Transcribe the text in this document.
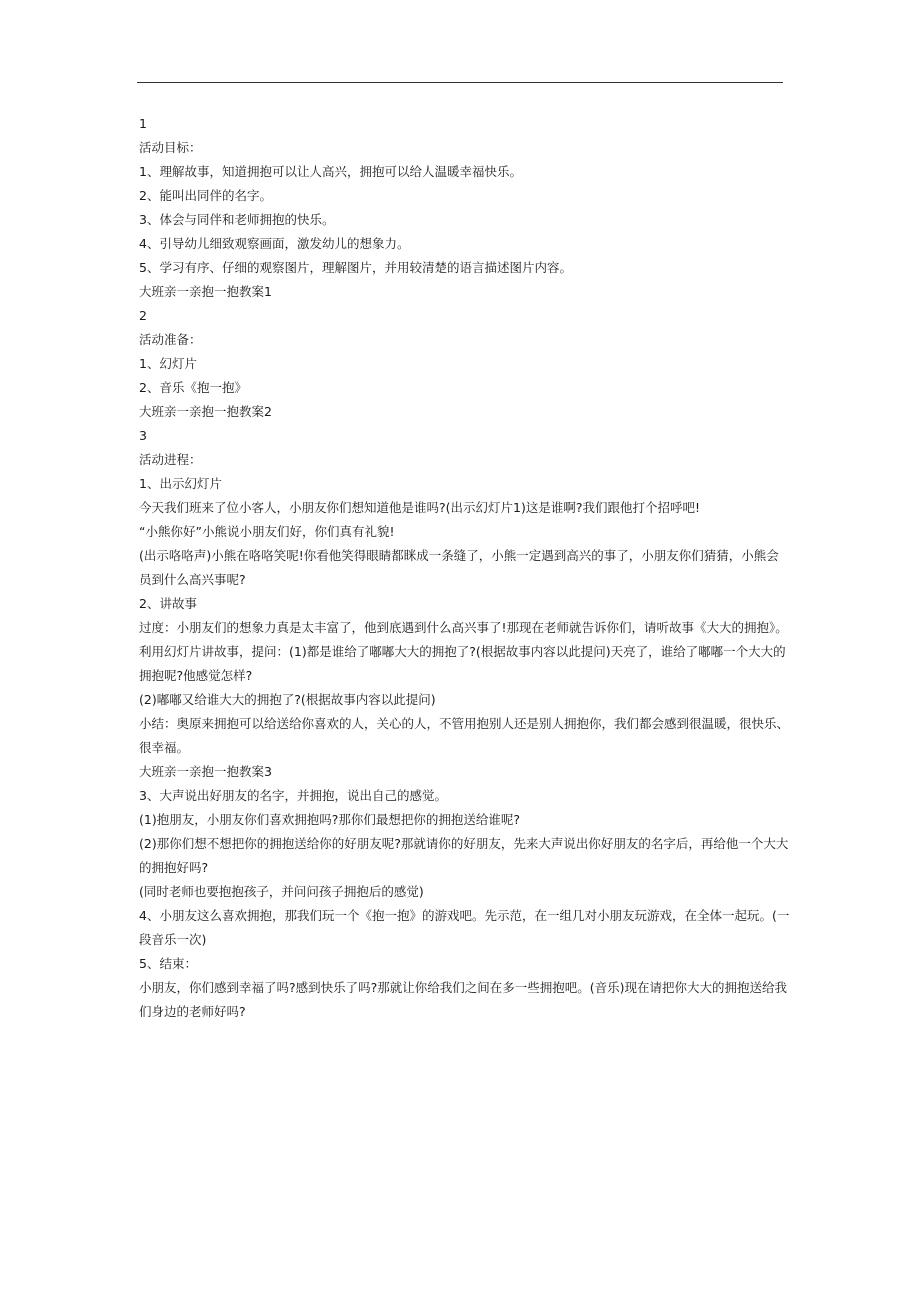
1

活动目标：

1、理解故事，知道拥抱可以让人高兴，拥抱可以给人温暖幸福快乐。

2、能叫出同伴的名字。

3、体会与同伴和老师拥抱的快乐。

4、引导幼儿细致观察画面，激发幼儿的想象力。

5、学习有序、仔细的观察图片，理解图片，并用较清楚的语言描述图片内容。

大班亲一亲抱一抱教案1

2

活动准备：

1、幻灯片

2、音乐《抱一抱》

大班亲一亲抱一抱教案2

3

活动进程：

1、出示幻灯片

今天我们班来了位小客人，小朋友你们想知道他是谁吗?(出示幻灯片1)这是谁啊?我们跟他打个招呼吧!

“小熊你好”小熊说小朋友们好，你们真有礼貌!

(出示咯咯声)小熊在咯咯笑呢!你看他笑得眼睛都眯成一条缝了，小熊一定遇到高兴的事了，小朋友你们猜猜，小熊会员到什么高兴事呢?

2、讲故事

过度：小朋友们的想象力真是太丰富了，他到底遇到什么高兴事了!那现在老师就告诉你们，请听故事《大大的拥抱》。

利用幻灯片讲故事，提问：(1)都是谁给了嘟嘟大大的拥抱了?(根据故事内容以此提问)天亮了，谁给了嘟嘟一个大大的拥抱呢?他感觉怎样?

(2)嘟嘟又给谁大大的拥抱了?(根据故事内容以此提问)

小结：奥原来拥抱可以给送给你喜欢的人，关心的人，不管用抱别人还是别人拥抱你，我们都会感到很温暖，很快乐、很幸福。

大班亲一亲抱一抱教案3

3、大声说出好朋友的名字，并拥抱，说出自己的感觉。

(1)抱朋友，小朋友你们喜欢拥抱吗?那你们最想把你的拥抱送给谁呢?

(2)那你们想不想把你的拥抱送给你的好朋友呢?那就请你的好朋友，先来大声说出你好朋友的名字后，再给他一个大大的拥抱好吗?

(同时老师也要抱抱孩子，并问问孩子拥抱后的感觉)

4、小朋友这么喜欢拥抱，那我们玩一个《抱一抱》的游戏吧。先示范，在一组几对小朋友玩游戏，在全体一起玩。(一段音乐一次)

5、结束：

小朋友，你们感到幸福了吗?感到快乐了吗?那就让你给我们之间在多一些拥抱吧。(音乐)现在请把你大大的拥抱送给我们身边的老师好吗?
